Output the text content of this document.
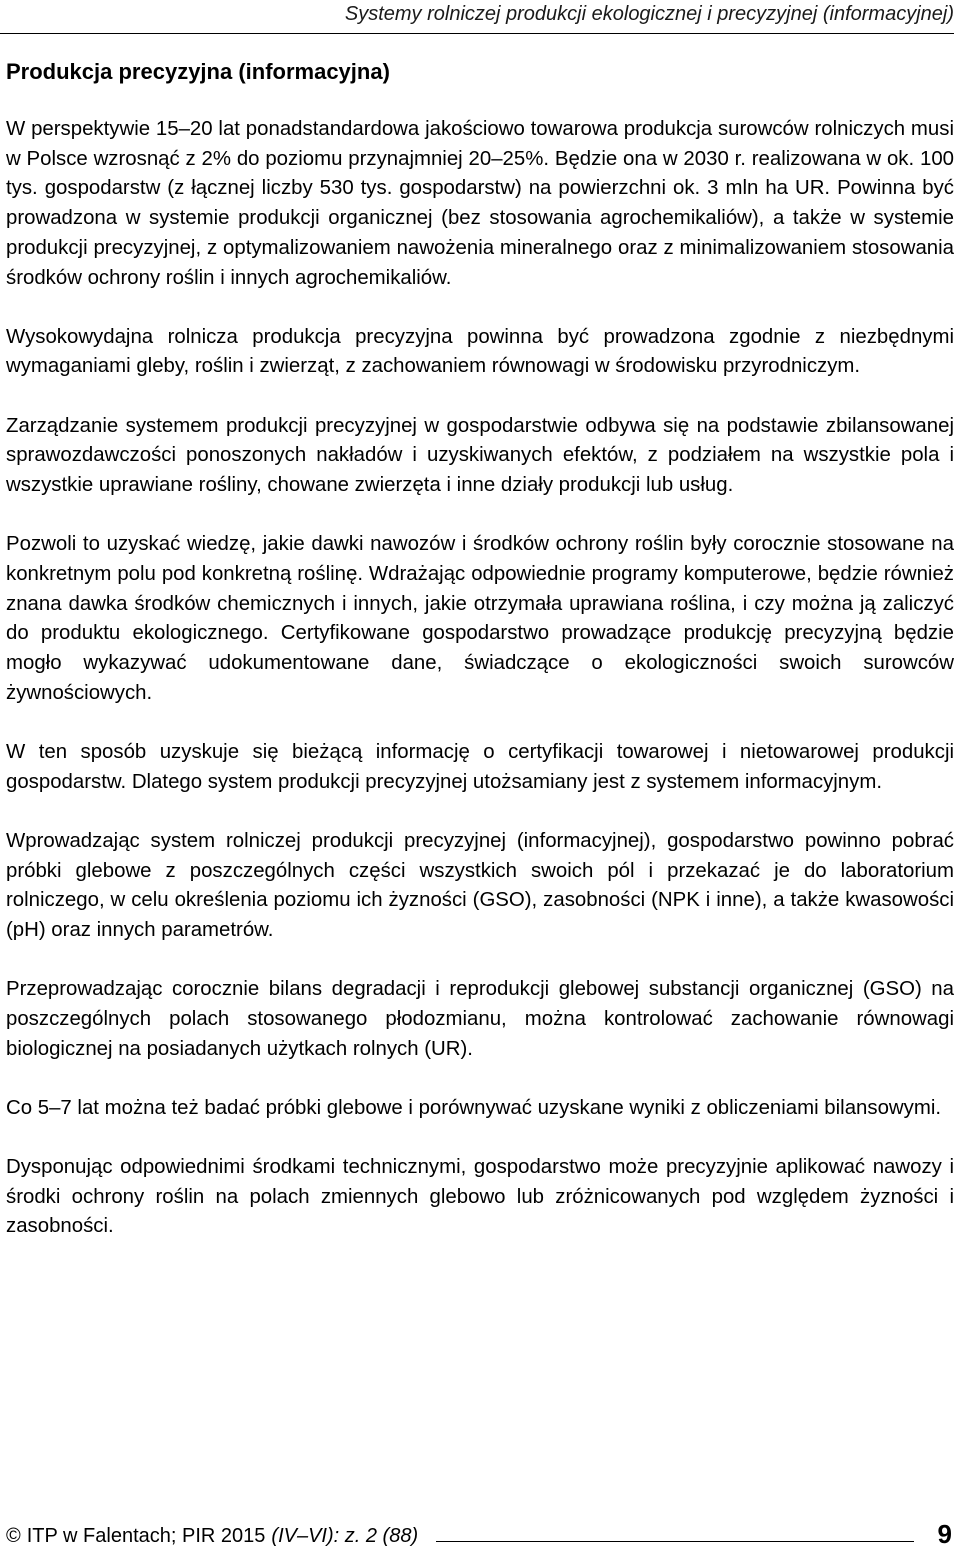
Systemy rolniczej produkcji ekologicznej i precyzyjnej (informacyjnej)
Produkcja precyzyjna (informacyjna)

W perspektywie 15–20 lat ponadstandardowa jakościowo towarowa produkcja surowców rolniczych musi w Polsce wzrosnąć z 2% do poziomu przynajmniej 20–25%. Będzie ona w 2030 r. realizowana w ok. 100 tys. gospodarstw (z łącznej liczby 530 tys. gospodarstw) na powierzchni ok. 3 mln ha UR. Powinna być prowadzona w systemie produkcji organicznej (bez stosowania agrochemikaliów), a także w systemie produkcji precyzyjnej, z optymalizowaniem nawożenia mineralnego oraz z minimalizowaniem stosowania środków ochrony roślin i innych agrochemikaliów.

Wysokowydajna rolnicza produkcja precyzyjna powinna być prowadzona zgodnie z niezbędnymi wymaganiami gleby, roślin i zwierząt, z zachowaniem równowagi w środowisku przyrodniczym.

Zarządzanie systemem produkcji precyzyjnej w gospodarstwie odbywa się na podstawie zbilansowanej sprawozdawczości ponoszonych nakładów i uzyskiwanych efektów, z podziałem na wszystkie pola i wszystkie uprawiane rośliny, chowane zwierzęta i inne działy produkcji lub usług.

Pozwoli to uzyskać wiedzę, jakie dawki nawozów i środków ochrony roślin były corocznie stosowane na konkretnym polu pod konkretną roślinę. Wdrażając odpowiednie programy komputerowe, będzie również znana dawka środków chemicznych i innych, jakie otrzymała uprawiana roślina, i czy można ją zaliczyć do produktu ekologicznego. Certyfikowane gospodarstwo prowadzące produkcję precyzyjną będzie mogło wykazywać udokumentowane dane, świadczące o ekologiczności swoich surowców żywnościowych.

W ten sposób uzyskuje się bieżącą informację o certyfikacji towarowej i nietowarowej produkcji gospodarstw. Dlatego system produkcji precyzyjnej utożsamiany jest z systemem informacyjnym.

Wprowadzając system rolniczej produkcji precyzyjnej (informacyjnej), gospodarstwo powinno pobrać próbki glebowe z poszczególnych części wszystkich swoich pól i przekazać je do laboratorium rolniczego, w celu określenia poziomu ich żyzności (GSO), zasobności (NPK i inne), a także kwasowości (pH) oraz innych parametrów.

Przeprowadzając corocznie bilans degradacji i reprodukcji glebowej substancji organicznej (GSO) na poszczególnych polach stosowanego płodozmianu, można kontrolować zachowanie równowagi biologicznej na posiadanych użytkach rolnych (UR).

Co 5–7 lat można też badać próbki glebowe i porównywać uzyskane wyniki z obliczeniami bilansowymi.

Dysponując odpowiednimi środkami technicznymi, gospodarstwo może precyzyjnie aplikować nawozy i środki ochrony roślin na polach zmiennych glebowo lub zróżnicowanych pod względem żyzności i zasobności.

© ITP w Falentach; PIR 2015 (IV–VI): z. 2 (88)	9
